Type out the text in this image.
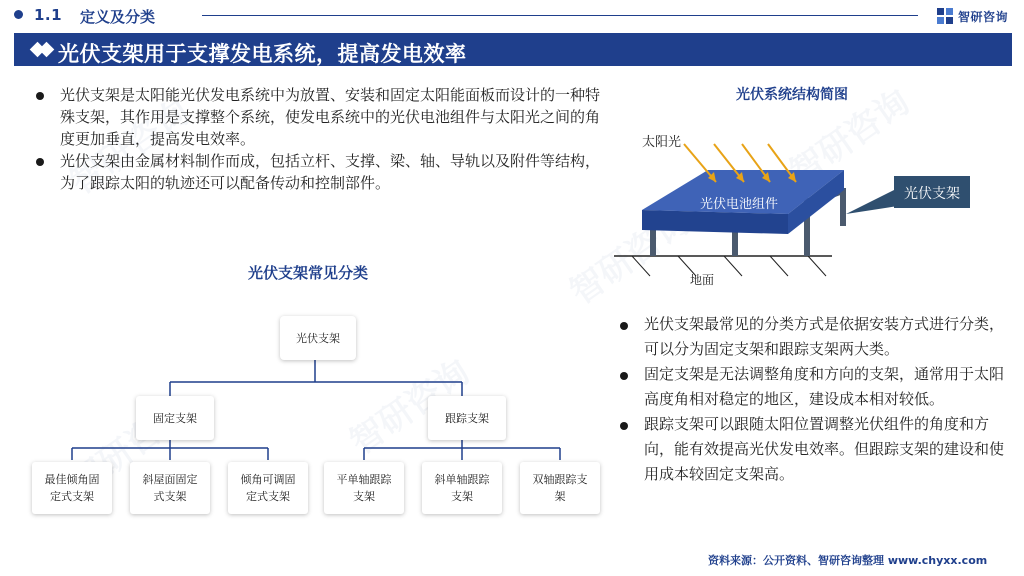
1.1 定义及分类	智研咨询
光伏支架用于支撑发电系统，提高发电效率
光伏支架是太阳能光伏发电系统中为放置、安装和固定太阳能面板而设计的一种特殊支架，其作用是支撑整个系统，使发电系统中的光伏电池组件与太阳光之间的角度更加垂直，提高发电效率。
光伏支架由金属材料制作而成，包括立杆、支撑、梁、轴、导轨以及附件等结构，为了跟踪太阳的轨迹还可以配备传动和控制部件。
光伏系统结构简图
光伏电池组件
太阳光
地面
光伏支架
光伏支架常见分类
光伏支架
固定支架	跟踪支架
最佳倾角固
定式支架
斜屋面固定
式支架
倾角可调固
定式支架
平单轴跟踪
支架
斜单轴跟踪
支架
双轴跟踪支
架
光伏支架最常见的分类方式是依据安装方式进行分类，可以分为固定支架和跟踪支架两大类。
固定支架是无法调整角度和方向的支架，通常用于太阳高度角相对稳定的地区，建设成本相对较低。
跟踪支架可以跟随太阳位置调整光伏组件的角度和方向，能有效提高光伏发电效率。但跟踪支架的建设和使用成本较固定支架高。
资料来源：公开资料、智研咨询整理 www.chyxx.com
